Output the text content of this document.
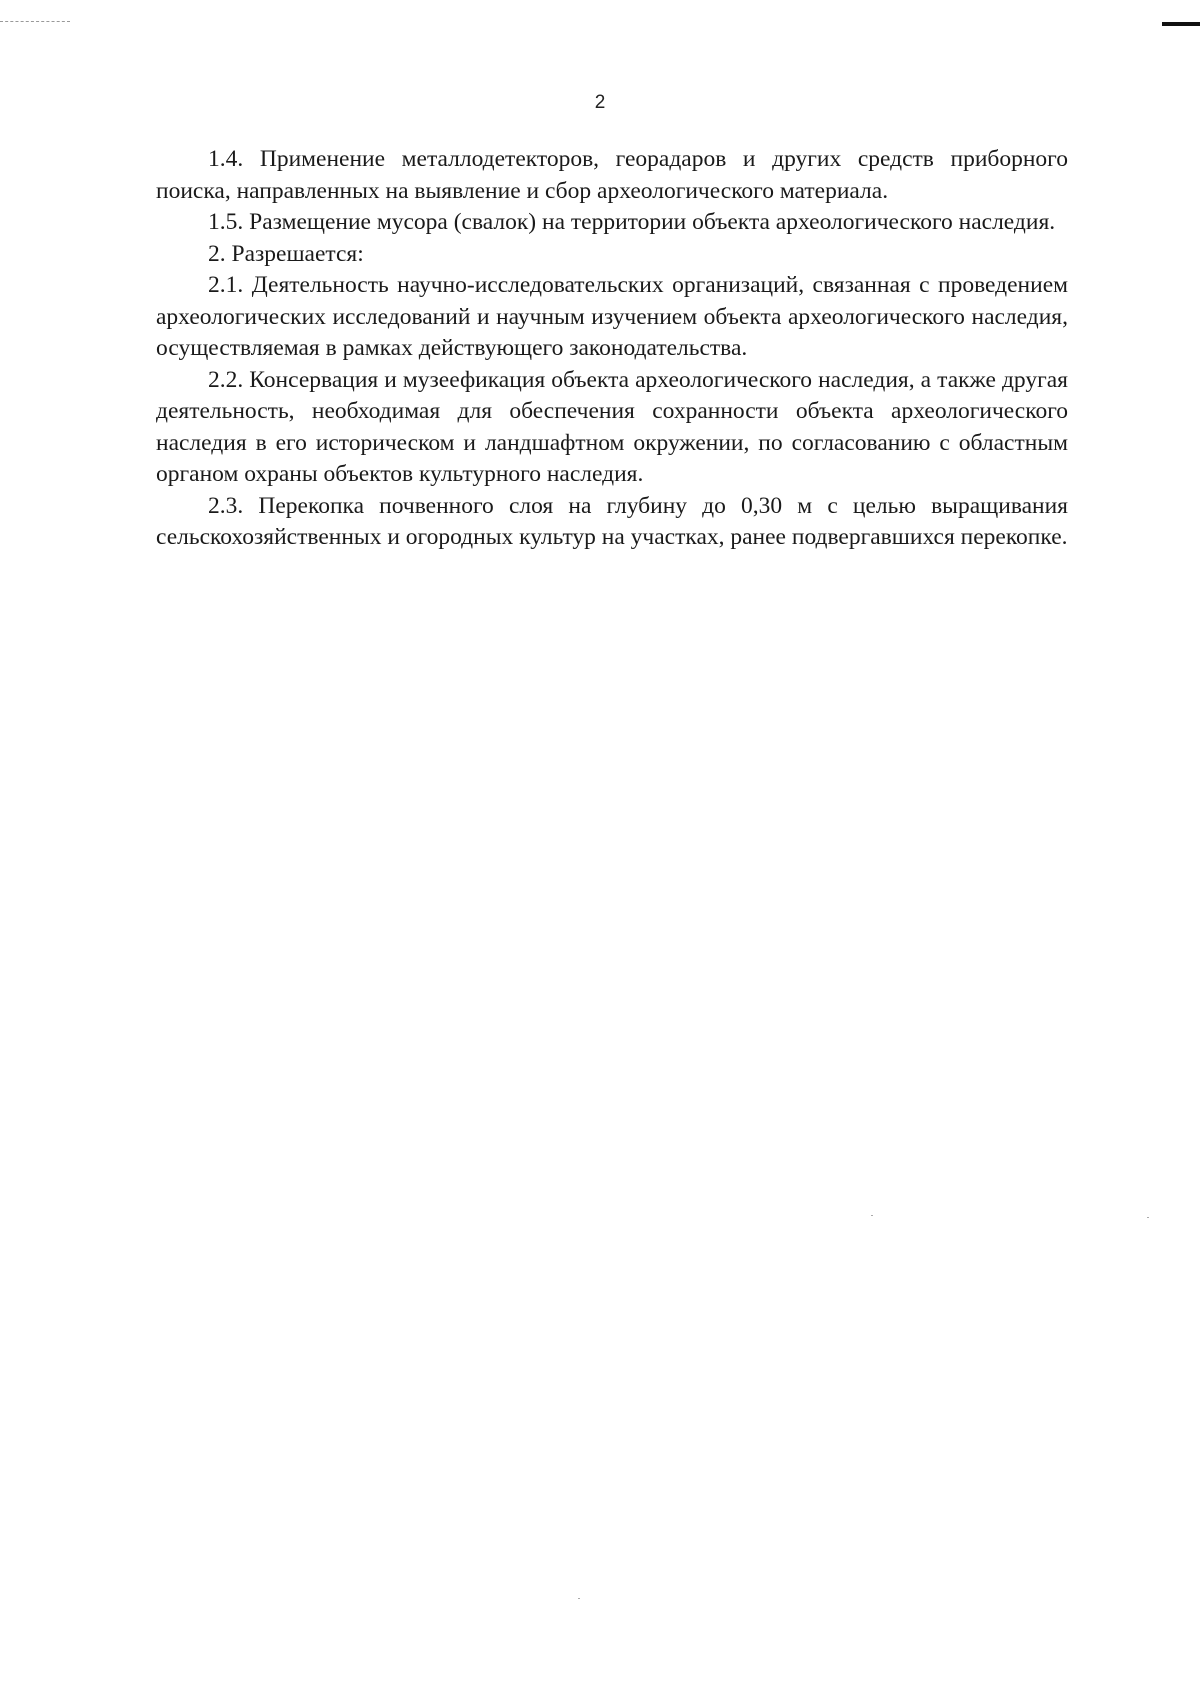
2

1.4. Применение металлодетекторов, георадаров и других средств приборного поиска, направленных на выявление и сбор археологического материала.

1.5. Размещение мусора (свалок) на территории объекта археологического наследия.

2. Разрешается:

2.1. Деятельность научно-исследовательских организаций, связанная с проведением археологических исследований и научным изучением объекта археологического наследия, осуществляемая в рамках действующего законодательства.

2.2. Консервация и музеефикация объекта археологического наследия, а также другая деятельность, необходимая для обеспечения сохранности объекта археологического наследия в его историческом и ландшафтном окружении, по согласованию с областным органом охраны объектов культурного наследия.

2.3. Перекопка почвенного слоя на глубину до 0,30 м с целью выращивания сельскохозяйственных и огородных культур на участках, ранее подвергавшихся перекопке.
